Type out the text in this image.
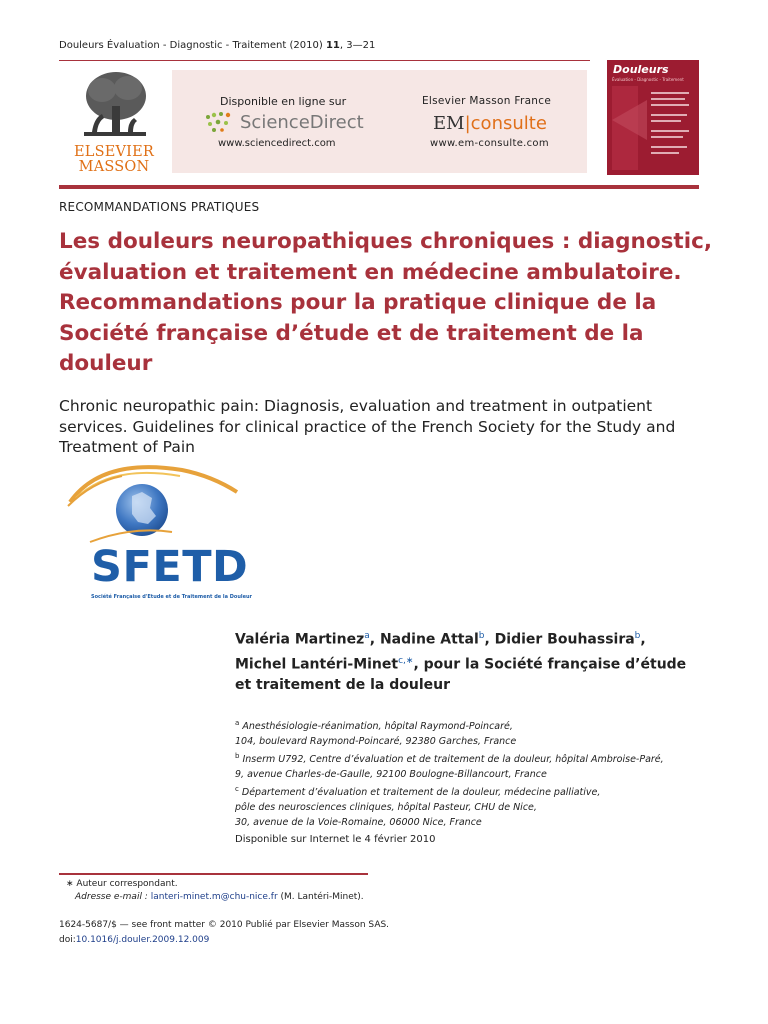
Douleurs Évaluation - Diagnostic - Traitement (2010) 11, 3—21
ELSEVIER
MASSON
Disponible en ligne sur
ScienceDirect
www.sciencedirect.com
Elsevier Masson France
EM|consulte
www.em-consulte.com
Douleurs
Évaluation - Diagnostic - Traitement
RECOMMANDATIONS PRATIQUES
Les douleurs neuropathiques chroniques : diagnostic, évaluation et traitement en médecine ambulatoire. Recommandations pour la pratique clinique de la Société française d’étude et de traitement de la douleur
Chronic neuropathic pain: Diagnosis, evaluation and treatment in outpatient services. Guidelines for clinical practice of the French Society for the Study and Treatment of Pain
SFETD
Société Française d'Etude et de Traitement de la Douleur
Valéria Martinez$^a$, Nadine Attal$^b$, Didier Bouhassira$^b$,
Michel Lantéri-Minet$^{c,∗}$, pour la Société française d’étude et traitement de la douleur
$^a$ Anesthésiologie-réanimation, hôpital Raymond-Poincaré,
104, boulevard Raymond-Poincaré, 92380 Garches, France
$^b$ Inserm U792, Centre d’évaluation et de traitement de la douleur, hôpital Ambroise-Paré,
9, avenue Charles-de-Gaulle, 92100 Boulogne-Billancourt, France
$^c$ Département d’évaluation et traitement de la douleur, médecine palliative,
pôle des neurosciences cliniques, hôpital Pasteur, CHU de Nice,
30, avenue de la Voie-Romaine, 06000 Nice, France
Disponible sur Internet le 4 février 2010
∗ Auteur correspondant.
Adresse e-mail : lanteri-minet.m@chu-nice.fr (M. Lantéri-Minet).
1624-5687/$ — see front matter © 2010 Publié par Elsevier Masson SAS.
doi:10.1016/j.douler.2009.12.009
